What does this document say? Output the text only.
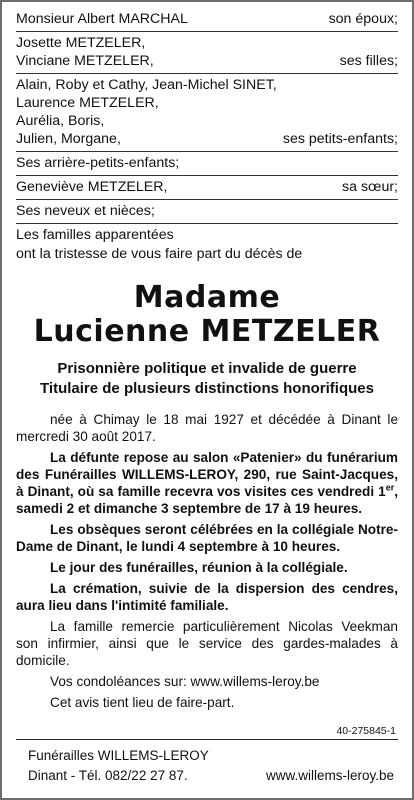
Monsieur Albert MARCHAL	son époux;
Josette METZELER,
Vinciane METZELER,	ses filles;
Alain, Roby et Cathy, Jean-Michel SINET,
Laurence METZELER,
Aurélia, Boris,
Julien, Morgane,	ses petits-enfants;
Ses arrière-petits-enfants;
Geneviève METZELER,	sa sœur;
Ses neveux et nièces;
Les familles apparentées
ont la tristesse de vous faire part du décès de
Madame
Lucienne METZELER
Prisonnière politique et invalide de guerre
Titulaire de plusieurs distinctions honorifiques
née à Chimay le 18 mai 1927 et décédée à Dinant le mercredi 30 août 2017.
La défunte repose au salon «Patenier» du funérarium des Funérailles WILLEMS-LEROY, 290, rue Saint-Jacques, à Dinant, où sa famille recevra vos visites ces vendredi 1er, samedi 2 et dimanche 3 septembre de 17 à 19 heures.
Les obsèques seront célébrées en la collégiale Notre-Dame de Dinant, le lundi 4 septembre à 10 heures.
Le jour des funérailles, réunion à la collégiale.
La crémation, suivie de la dispersion des cendres, aura lieu dans l'intimité familiale.
La famille remercie particulièrement Nicolas Veekman son infirmier, ainsi que le service des gardes-malades à domicile.
Vos condoléances sur: www.willems-leroy.be
Cet avis tient lieu de faire-part.
40-275845-1
Funérailles WILLEMS-LEROY
Dinant - Tél. 082/22 27 87.	www.willems-leroy.be
